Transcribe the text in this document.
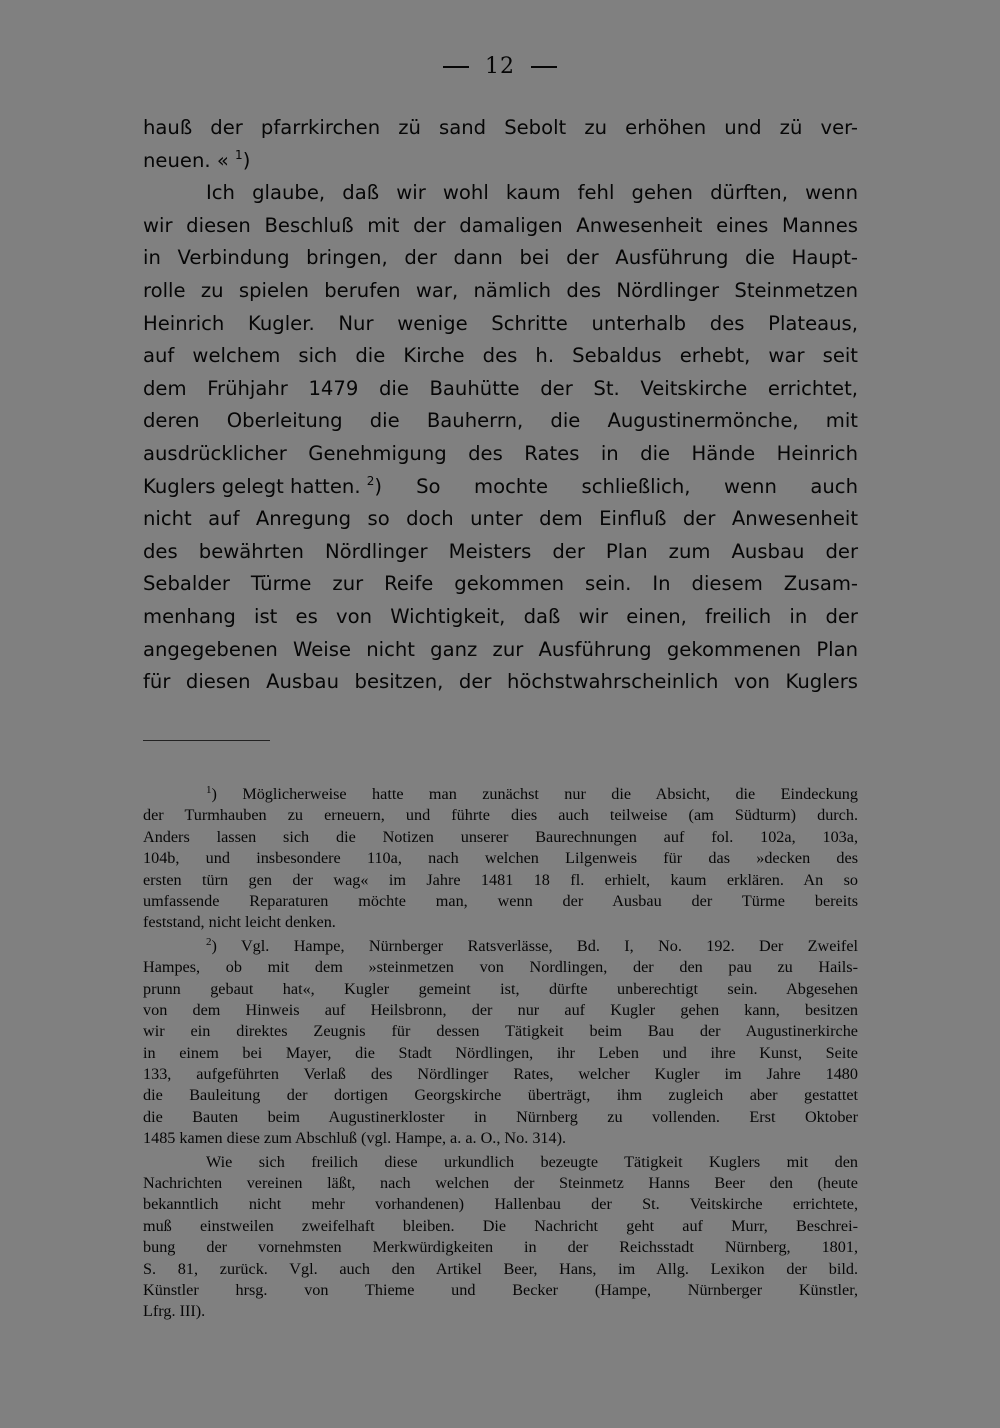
12
hauß der pfarrkirchen zü sand Sebolt zu erhöhen und zü ver-
neuen. « $^1$)
Ich glaube, daß wir wohl kaum fehl gehen dürften, wenn
wir diesen Beschluß mit der damaligen Anwesenheit eines Mannes
in Verbindung bringen, der dann bei der Ausführung die Haupt-
rolle zu spielen berufen war, nämlich des Nördlinger Steinmetzen
Heinrich Kugler. Nur wenige Schritte unterhalb des Plateaus,
auf welchem sich die Kirche des h. Sebaldus erhebt, war seit
dem Frühjahr 1479 die Bauhütte der St. Veitskirche errichtet,
deren Oberleitung die Bauherrn, die Augustinermönche, mit
ausdrücklicher Genehmigung des Rates in die Hände Heinrich
Kuglers gelegt hatten. $^2$) So mochte schließlich, wenn auch
nicht auf Anregung so doch unter dem Einfluß der Anwesenheit
des bewährten Nördlinger Meisters der Plan zum Ausbau der
Sebalder Türme zur Reife gekommen sein. In diesem Zusam-
menhang ist es von Wichtigkeit, daß wir einen, freilich in der
angegebenen Weise nicht ganz zur Ausführung gekommenen Plan
für diesen Ausbau besitzen, der höchstwahrscheinlich von Kuglers
$^1$) Möglicherweise hatte man zunächst nur die Absicht, die Eindeckung
der Turmhauben zu erneuern, und führte dies auch teilweise (am Südturm) durch.
Anders lassen sich die Notizen unserer Baurechnungen auf fol. 102a, 103a,
104b, und insbesondere 110a, nach welchen Lilgenweis für das »decken des
ersten türn gen der wag« im Jahre 1481 18 fl. erhielt, kaum erklären. An so
umfassende Reparaturen möchte man, wenn der Ausbau der Türme bereits
feststand, nicht leicht denken.
$^2$) Vgl. Hampe, Nürnberger Ratsverlässe, Bd. I, No. 192. Der Zweifel
Hampes, ob mit dem »steinmetzen von Nordlingen, der den pau zu Hails-
prunn gebaut hat«, Kugler gemeint ist, dürfte unberechtigt sein. Abgesehen
von dem Hinweis auf Heilsbronn, der nur auf Kugler gehen kann, besitzen
wir ein direktes Zeugnis für dessen Tätigkeit beim Bau der Augustinerkirche
in einem bei Mayer, die Stadt Nördlingen, ihr Leben und ihre Kunst, Seite
133, aufgeführten Verlaß des Nördlinger Rates, welcher Kugler im Jahre 1480
die Bauleitung der dortigen Georgskirche überträgt, ihm zugleich aber gestattet
die Bauten beim Augustinerkloster in Nürnberg zu vollenden. Erst Oktober
1485 kamen diese zum Abschluß (vgl. Hampe, a. a. O., No. 314).
Wie sich freilich diese urkundlich bezeugte Tätigkeit Kuglers mit den
Nachrichten vereinen läßt, nach welchen der Steinmetz Hanns Beer den (heute
bekanntlich nicht mehr vorhandenen) Hallenbau der St. Veitskirche errichtete,
muß einstweilen zweifelhaft bleiben. Die Nachricht geht auf Murr, Beschrei-
bung der vornehmsten Merkwürdigkeiten in der Reichsstadt Nürnberg, 1801,
S. 81, zurück. Vgl. auch den Artikel Beer, Hans, im Allg. Lexikon der bild.
Künstler hrsg. von Thieme und Becker (Hampe, Nürnberger Künstler,
Lfrg. III).
